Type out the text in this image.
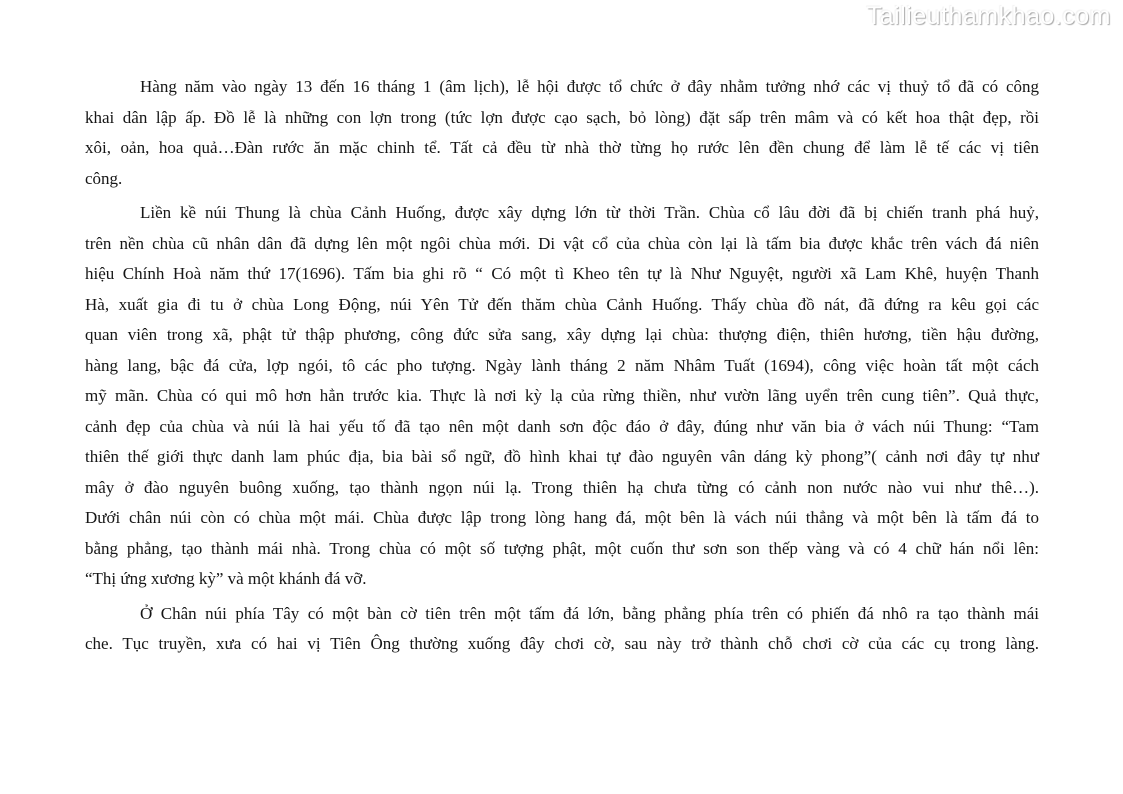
Tailieuthamkhao.com
Hàng năm vào ngày 13 đến 16 tháng 1 (âm lịch), lễ hội được tổ chức ở đây nhằm tưởng nhớ các vị thuỷ tổ đã có công
khai dân lập ấp. Đồ lễ là những con lợn trong (tức lợn được cạo sạch, bỏ lòng) đặt sấp trên mâm và có kết hoa thật đẹp, rồi
xôi, oản, hoa quả…Đàn rước ăn mặc chinh tể. Tất cả đều từ nhà thờ từng họ rước lên đền chung để làm lễ tế các vị tiên
công.
Liền kề núi Thung là chùa Cảnh Huống, được xây dựng lớn từ thời Trần. Chùa cổ lâu đời đã bị chiến tranh phá huỷ,
trên nền chùa cũ nhân dân đã dựng lên một ngôi chùa mới. Di vật cổ của chùa còn lại là tấm bia được khắc trên vách đá niên
hiệu Chính Hoà năm thứ 17(1696). Tấm bia ghi rõ “ Có một tì Kheo tên tự là Như Nguyệt, người xã Lam Khê, huyện Thanh
Hà, xuất gia đi tu ở chùa Long Động, núi Yên Tử đến thăm chùa Cảnh Huống. Thấy chùa đồ nát, đã đứng ra kêu gọi các
quan viên trong xã, phật tử thập phương, công đức sửa sang, xây dựng lại chùa: thượng điện, thiên hương, tiền hậu đường,
hàng lang, bậc đá cửa, lợp ngói, tô các pho tượng. Ngày lành tháng 2 năm Nhâm Tuất (1694), công việc hoàn tất một cách
mỹ mãn. Chùa có qui mô hơn hẳn trước kia. Thực là nơi kỳ lạ của rừng thiền, như vườn lãng uyển trên cung tiên”. Quả thực,
cảnh đẹp của chùa và núi là hai yếu tố đã tạo nên một danh sơn độc đáo ở đây, đúng như văn bia ở vách núi Thung: “Tam
thiên thế giới thực danh lam phúc địa, bia bài sổ ngữ, đồ hình khai tự đào nguyên vân dáng kỳ phong”( cảnh nơi đây tự như
mây ở đào nguyên buông xuống, tạo thành ngọn núi lạ. Trong thiên hạ chưa từng có cảnh non nước nào vui như thê…).
Dưới chân núi còn có chùa một mái. Chùa được lập trong lòng hang đá, một bên là vách núi thẳng và một bên là tấm đá to
bằng phẳng, tạo thành mái nhà. Trong chùa có một số tượng phật, một cuốn thư sơn son thếp vàng và có 4 chữ hán nổi lên:
“Thị ứng xương kỳ” và một khánh đá vỡ.
Ở Chân núi phía Tây có một bàn cờ tiên trên một tấm đá lớn, bằng phẳng phía trên có phiến đá nhô ra tạo thành mái
che. Tục truyền, xưa có hai vị Tiên Ông thường xuống đây chơi cờ, sau này trở thành chỗ chơi cờ của các cụ trong làng.
